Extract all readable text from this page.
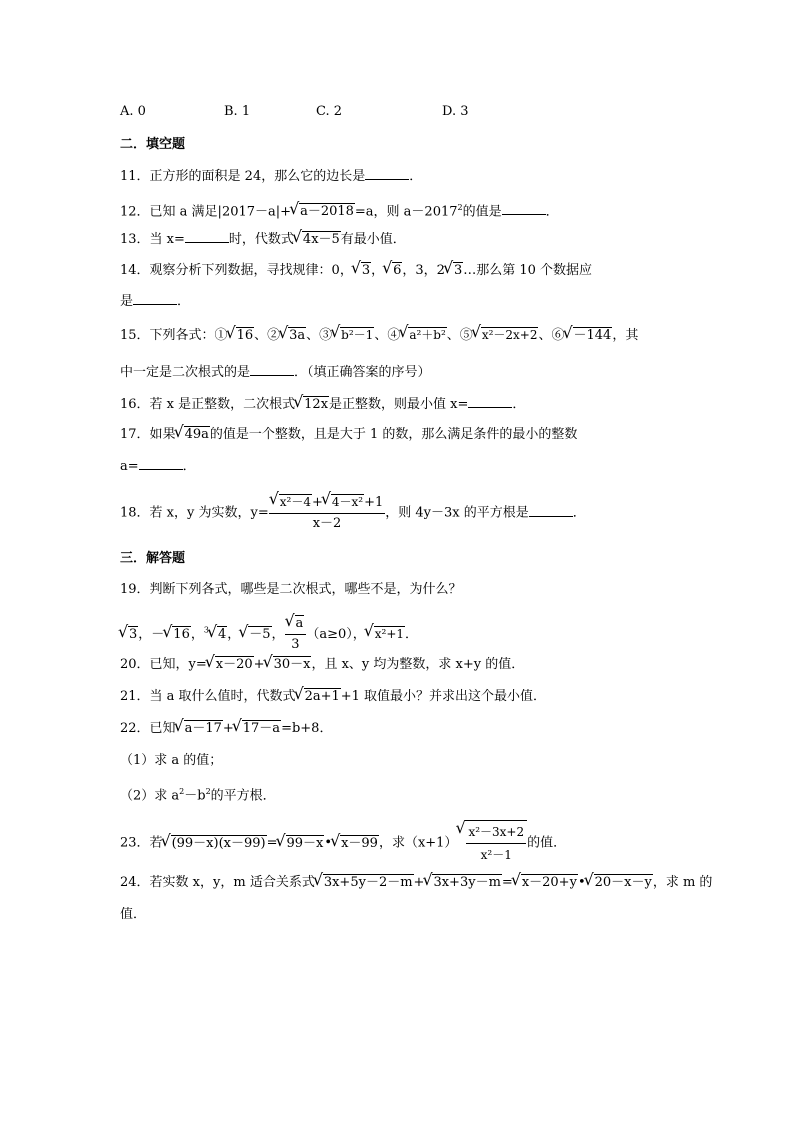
A. 0	B. 1	C. 2	D. 3
二．填空题
11．正方形的面积是 24，那么它的边长是	．
12．已知 a 满足|2017－a|+ √ a－2018=a，则 $a-2017^2$的值是	．
13．当 x=	时，代数式 √ 4x－5有最小值．
14．观察分析下列数据，寻找规律：0， √ 3， √ 6，3，2 √ 3…那么第 10 个数据应
是	．
15．下列各式：① √ 16、② √ 3a、③ √ b²－1、④ √ a²＋b²、⑤ √ x²－2x+2、⑥ √ －144，其
中一定是二次根式的是	．（填正确答案的序号）
16．若 x 是正整数，二次根式 √ 12x是正整数，则最小值 x=	．
17．如果 √ 49a的值是一个整数，且是大于 1 的数，那么满足条件的最小的整数
a=	．
18．若 x，y 为实数，y= √ $\frac{\text{x²－4+ √ 4－x²+1}}{x-2}$ ，则 4y－3x 的平方根是	．
三．解答题
19．判断下列各式，哪些是二次根式，哪些不是，为什么？
√ 3，－ √ 16，$^3$ √ 4， √ －5， √ $\frac{a}{3} (a\ge 0)$， √ x²+1．
20．已知，y= √ x－20+ √ 30－x，且 x、y 均为整数，求 x+y 的值．
21．当 a 取什么值时，代数式 √ 2a+1+1 取值最小？并求出这个最小值．
22．已知 √ a－17+ √ 17－a=b+8．
（1）求 a 的值；
（2）求 $a^2-b^2$的平方根．
23．若 √ (99－x)(x－99)= √ 99－x• √ x－99，求（x+1） √ $\frac{\text{x²－3x+2}}{\text{x²－1}}$ 的值．
24．若实数 x，y，m 适合关系式 √ 3x+5y－2－m+ √ 3x+3y－m= √ x－20+y• √ 20－x－y，求 m 的
值．
